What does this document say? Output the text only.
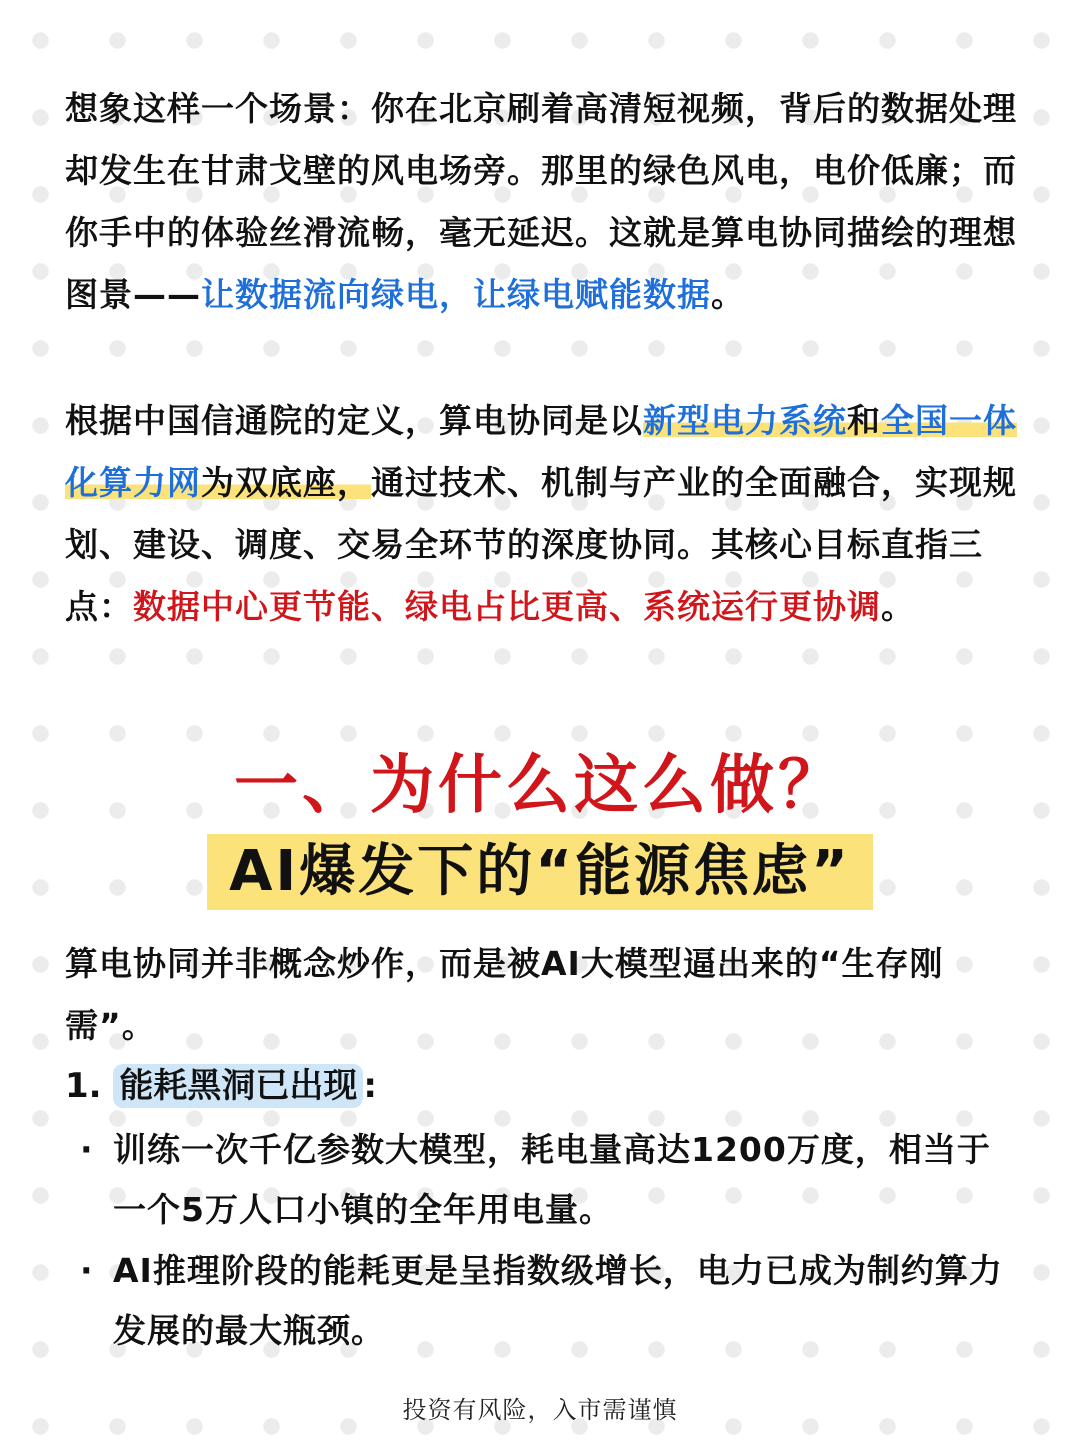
想象这样一个场景：你在北京刷着高清短视频，背后的数据处理却发生在甘肃戈壁的风电场旁。那里的绿色风电，电价低廉；而你手中的体验丝滑流畅，毫无延迟。这就是算电协同描绘的理想图景——让数据流向绿电，让绿电赋能数据。

根据中国信通院的定义，算电协同是以新型电力系统和全国一体化算力网为双底座，通过技术、机制与产业的全面融合，实现规划、建设、调度、交易全环节的深度协同。其核心目标直指三点：数据中心更节能、绿电占比更高、系统运行更协调。

一、为什么这么做？
AI爆发下的“能源焦虑”

算电协同并非概念炒作，而是被AI大模型逼出来的“生存刚需”。

1. 能耗黑洞已出现 :
· 训练一次千亿参数大模型，耗电量高达1200万度，相当于一个5万人口小镇的全年用电量。
· AI推理阶段的能耗更是呈指数级增长，电力已成为制约算力发展的最大瓶颈。
投资有风险，入市需谨慎
